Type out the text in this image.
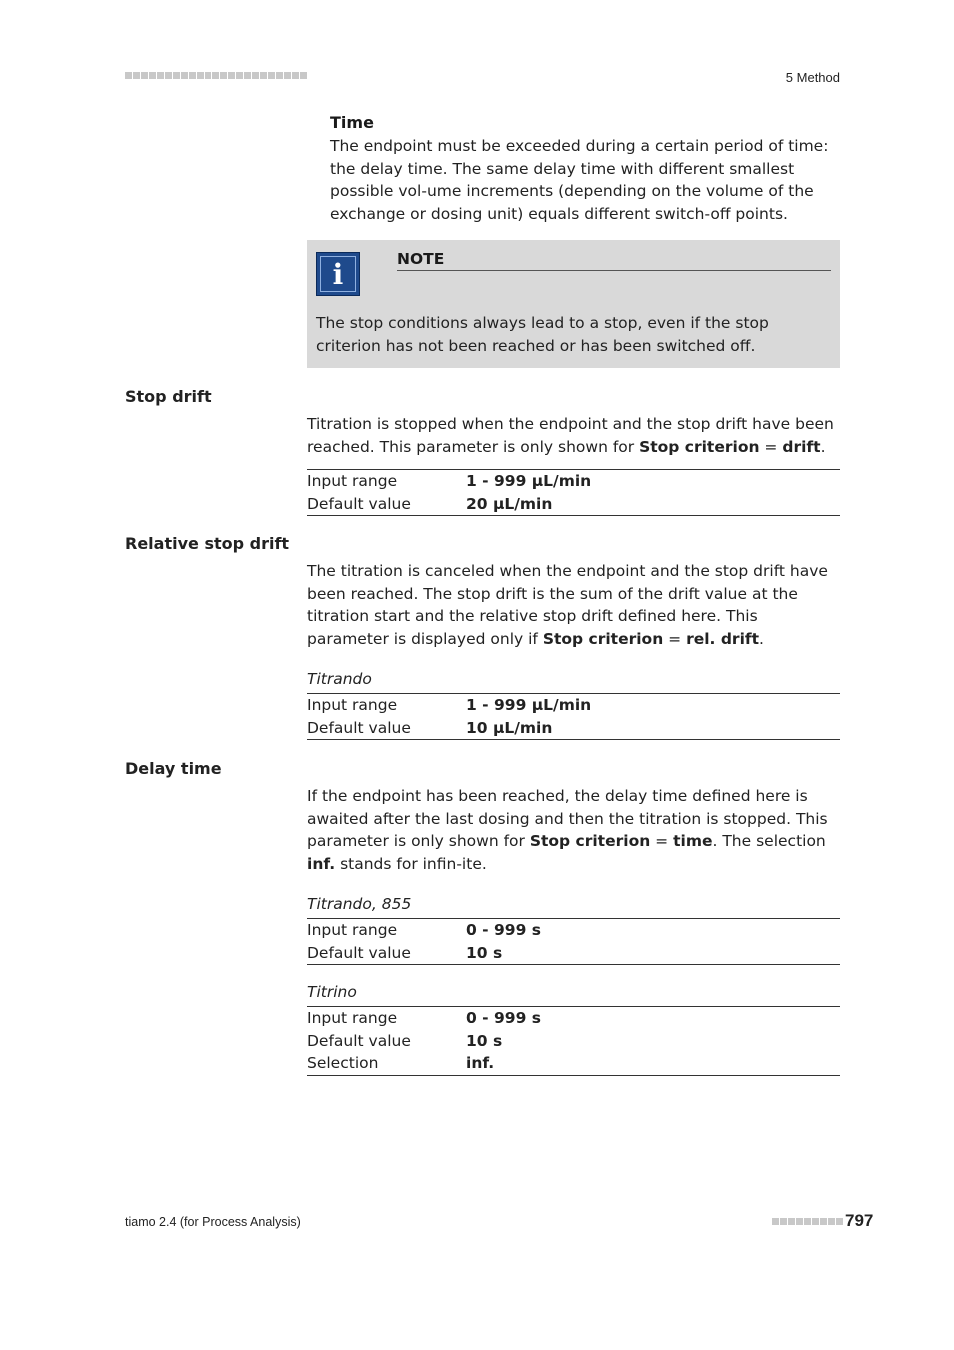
5 Method
Time
The endpoint must be exceeded during a certain period of time: the delay time. The same delay time with different smallest possible vol-ume increments (depending on the volume of the exchange or dosing unit) equals different switch-off points.
i	NOTE
The stop conditions always lead to a stop, even if the stop criterion has not been reached or has been switched off.
Stop drift
Titration is stopped when the endpoint and the stop drift have been reached. This parameter is only shown for Stop criterion = drift.
Input range	1 - 999 µL/min
Default value	20 µL/min
Relative stop drift
The titration is canceled when the endpoint and the stop drift have been reached. The stop drift is the sum of the drift value at the titration start and the relative stop drift defined here. This parameter is displayed only if Stop criterion = rel. drift.
Titrando
Input range	1 - 999 µL/min
Default value	10 µL/min
Delay time
If the endpoint has been reached, the delay time defined here is awaited after the last dosing and then the titration is stopped. This parameter is only shown for Stop criterion = time. The selection inf. stands for infin-ite.
Titrando, 855
Input range	0 - 999 s
Default value	10 s
Titrino
Input range	0 - 999 s
Default value	10 s
Selection	inf.
tiamo 2.4 (for Process Analysis)	797
